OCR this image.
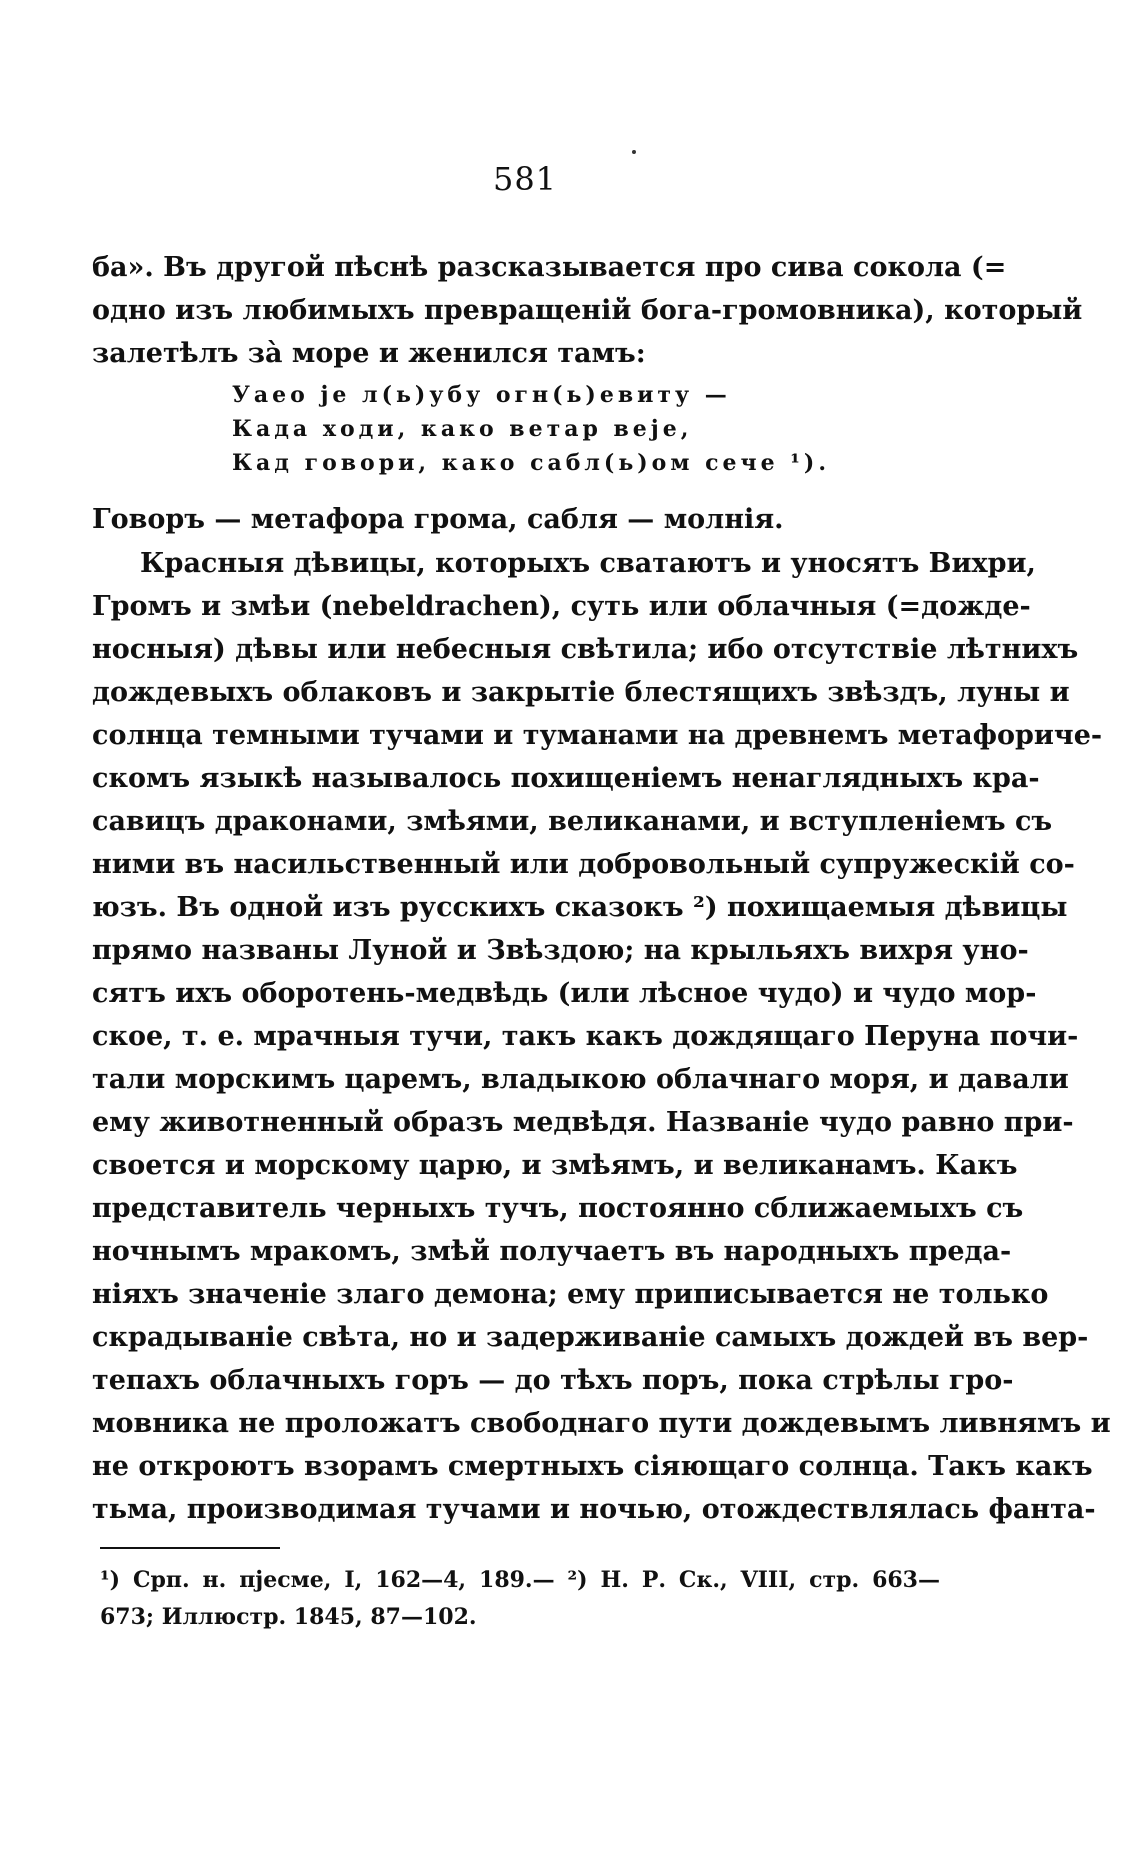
581
ба». Въ другой пѣснѣ разсказывается про сива сокола (=
одно изъ любимыхъ превращеній бога-громовника), который
залетѣлъ за̀ море и женился тамъ:
Уаео је л(ь)убу огн(ь)евиту —
Када ходи, како ветар веје,
Кад говори, како сабл(ь)ом сече ¹).
Говоръ — метафора грома, сабля — молнія.
Красныя дѣвицы, которыхъ сватаютъ и уносятъ Вихри,
Громъ и змѣи (nebeldrachen), суть или облачныя (=дожде-
носныя) дѣвы или небесныя свѣтила; ибо отсутствіе лѣтнихъ
дождевыхъ облаковъ и закрытіе блестящихъ звѣздъ, луны и
солнца темными тучами и туманами на древнемъ метафориче-
скомъ языкѣ называлось похищеніемъ ненаглядныхъ кра-
савицъ драконами, змѣями, великанами, и вступленіемъ съ
ними въ насильственный или добровольный супружескій со-
юзъ. Въ одной изъ русскихъ сказокъ ²) похищаемыя дѣвицы
прямо названы Луной и Звѣздою; на крыльяхъ вихря уно-
сятъ ихъ оборотень-медвѣдь (или лѣсное чудо) и чудо мор-
ское, т. е. мрачныя тучи, такъ какъ дождящаго Перуна почи-
тали морскимъ царемъ, владыкою облачнаго моря, и давали
ему животненный образъ медвѣдя. Названіе чудо равно при-
своется и морскому царю, и змѣямъ, и великанамъ. Какъ
представитель черныхъ тучъ, постоянно сближаемыхъ съ
ночнымъ мракомъ, змѣй получаетъ въ народныхъ преда-
ніяхъ значеніе злаго демона; ему приписывается не только
скрадываніе свѣта, но и задерживаніе самыхъ дождей въ вер-
тепахъ облачныхъ горъ — до тѣхъ поръ, пока стрѣлы гро-
мовника не проложатъ свободнаго пути дождевымъ ливнямъ и
не откроютъ взорамъ смертныхъ сіяющаго солнца. Такъ какъ
тьма, производимая тучами и ночью, отождествлялась фанта-
¹) Срп. н. пјесме, I, 162—4, 189.— ²) Н. Р. Ск., VIII, стр. 663—
673; Иллюстр. 1845, 87—102.
